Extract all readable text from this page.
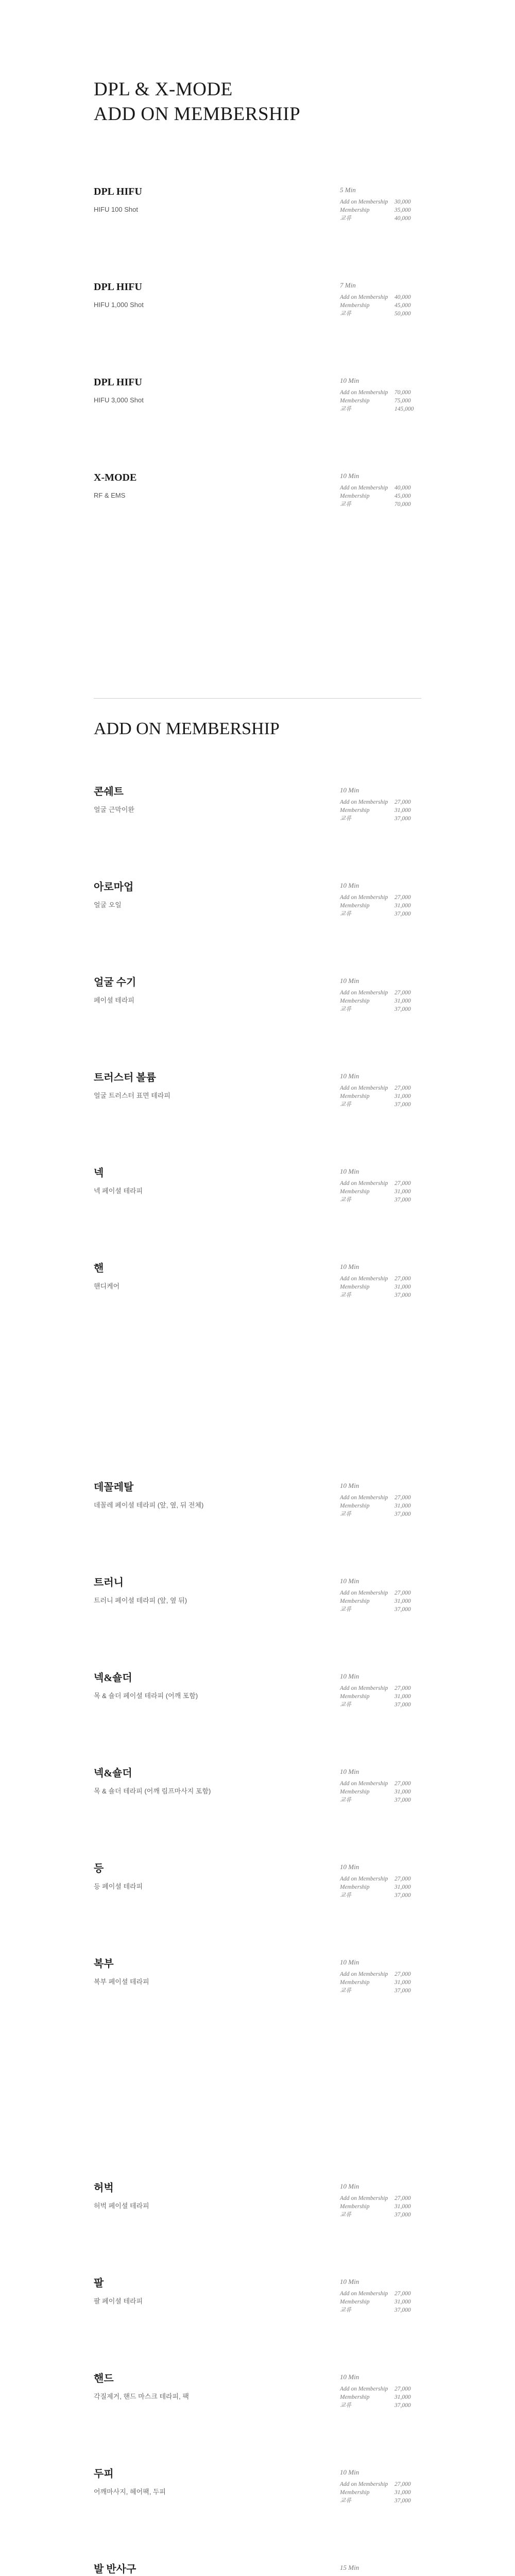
DPL & X-MODE
ADD ON MEMBERSHIP
ADD ON MEMBERSHIP
DPL HIFU
HIFU 100 Shot
5 Min
Add on Membership 30,000
Membership	35,000
교류	40,000
DPL HIFU
HIFU 1,000 Shot
7 Min
Add on Membership 40,000
Membership	45,000
교류	50,000
DPL HIFU
HIFU 3,000 Shot
10 Min
Add on Membership 70,000
Membership	75,000
교류	145,000
X-MODE
RF & EMS
10 Min
Add on Membership 40,000
Membership	45,000
교류	70,000
콘쉐트
얼굴 근막이완
10 Min
Add on Membership 27,000
Membership	31,000
교류	37,000
아로마업
얼굴 오일
10 Min
Add on Membership 27,000
Membership	31,000
교류	37,000
얼굴 수기
페이셜 테라피
10 Min
Add on Membership 27,000
Membership	31,000
교류	37,000
트러스터 볼륨
얼굴 트러스터 표면 테라피
10 Min
Add on Membership 27,000
Membership	31,000
교류	37,000
넥
넥 페이셜 테라피
10 Min
Add on Membership 27,000
Membership	31,000
교류	37,000
핸
핸디케어
10 Min
Add on Membership 27,000
Membership	31,000
교류	37,000
데꼴레탈
데꼴레 페이셜 테라피 (앞, 옆, 뒤 전체)
10 Min
Add on Membership 27,000
Membership	31,000
교류	37,000
트러니
트러니 페이셜 테라피 (앞, 옆 뒤)
10 Min
Add on Membership 27,000
Membership	31,000
교류	37,000
넥&숄더
목 & 숄더 페이셜 테라피 (어깨 포함)
10 Min
Add on Membership 27,000
Membership	31,000
교류	37,000
넥&숄더
목 & 숄더 테라피 (어깨 림프마사지 포함)
10 Min
Add on Membership 27,000
Membership	31,000
교류	37,000
등
등 페이셜 테라피
10 Min
Add on Membership 27,000
Membership	31,000
교류	37,000
복부
복부 페이셜 테라피
10 Min
Add on Membership 27,000
Membership	31,000
교류	37,000
허벅
허벅 페이셜 테라피
10 Min
Add on Membership 27,000
Membership	31,000
교류	37,000
팔
팔 페이셜 테라피
10 Min
Add on Membership 27,000
Membership	31,000
교류	37,000
핸드
각질제거, 핸드 마스크 테라피, 팩
10 Min
Add on Membership 27,000
Membership	31,000
교류	37,000
두피
어깨마사지, 헤어팩, 두피
10 Min
Add on Membership 27,000
Membership	31,000
교류	37,000
발 반사구	15 Min
